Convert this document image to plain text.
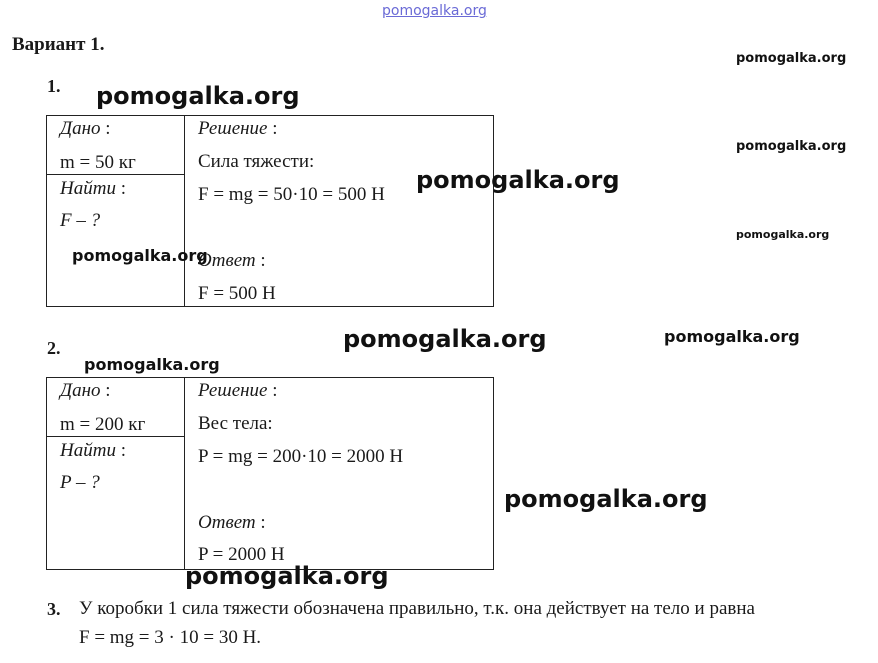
pomogalka.org
Вариант 1.
pomogalka.org
pomogalka.org
pomogalka.org
1. pomogalka.org
Дано :
m = 50 кг
Найти :
F – ?
Решение :
Сила тяжести:
F = mg = 50·10 = 500 Н
Ответ :
F = 500 Н
pomogalka.org
pomogalka.org
2.	pomogalka.org	pomogalka.org
pomogalka.org
Дано :
m = 200 кг
Найти :
P – ?
Решение :
Вес тела:
P = mg = 200·10 = 2000 Н
Ответ :
P = 2000 Н
pomogalka.org
pomogalka.org
3. У коробки 1 сила тяжести обозначена правильно, т.к. она действует на тело и равна
F = mg = 3 · 10 = 30 Н.
